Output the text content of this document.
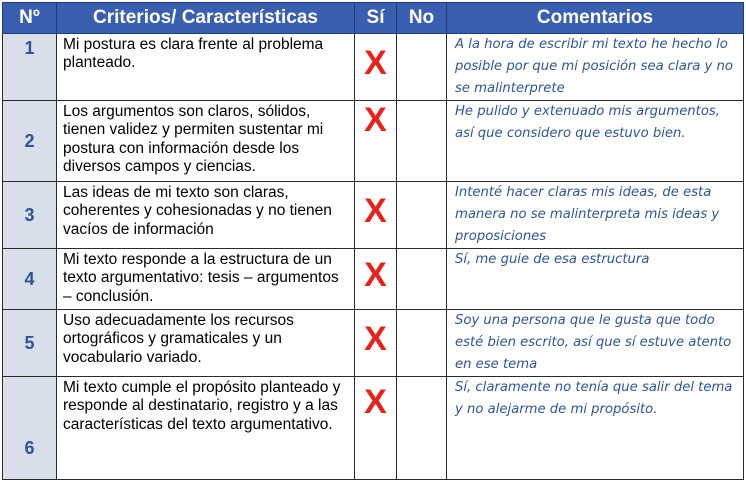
Nº	Criterios/ Características	Sí	No	Comentarios
1	Mi postura es clara frente al problema planteado.	X		A la hora de escribir mi texto he hecho lo posible por que mi posición sea clara y no se malinterprete
2	Los argumentos son claros, sólidos, tienen validez y permiten sustentar mi postura con información desde los diversos campos y ciencias.	X		He pulido y extenuado mis argumentos, así que considero que estuvo bien.
3	Las ideas de mi texto son claras, coherentes y cohesionadas y no tienen vacíos de información	X		Intenté hacer claras mis ideas, de esta manera no se malinterpreta mis ideas y proposiciones
4	Mi texto responde a la estructura de un texto argumentativo: tesis – argumentos – conclusión.	X		Sí, me guie de esa estructura
5	Uso adecuadamente los recursos ortográficos y gramaticales y un vocabulario variado.	X		Soy una persona que le gusta que todo esté bien escrito, así que sí estuve atento en ese tema
6	Mi texto cumple el propósito planteado y responde al destinatario, registro y a las características del texto argumentativo.	X		Sí, claramente no tenía que salir del tema y no alejarme de mi propósito.
